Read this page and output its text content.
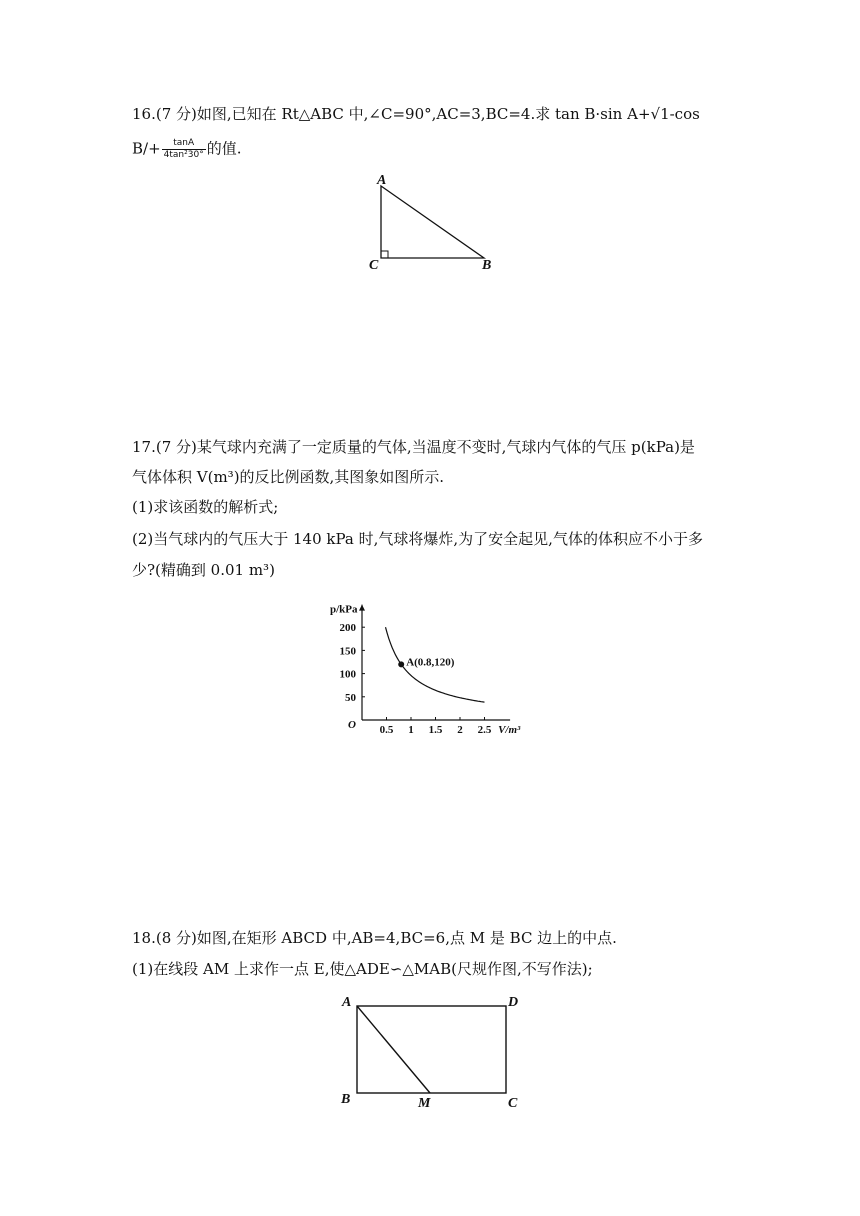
16.(7 分)如图,已知在 Rt△ABC 中,∠C=90°,AC=3,BC=4.求 tan B·sin A+√1-cos
$B/+ \frac{\tan A}{\text{4tan²30°}}$ 的值.
A
C	B
17.(7 分)某气球内充满了一定质量的气体,当温度不变时,气球内气体的气压 p(kPa)是
气体体积 V(m³)的反比例函数,其图象如图所示.
(1)求该函数的解析式;
(2)当气球内的气压大于 140 kPa 时,气球将爆炸,为了安全起见,气体的体积应不小于多
少?(精确到 0.01 m³)
0.5 1 1.5 2 2.5
50
100
150
200
A(0.8,120)
p/kPa
V/m³
O
18.(8 分)如图,在矩形 ABCD 中,AB=4,BC=6,点 M 是 BC 边上的中点.
(1)在线段 AM 上求作一点 E,使△ADE∽△MAB(尺规作图,不写作法);
A	D
B	M	C
